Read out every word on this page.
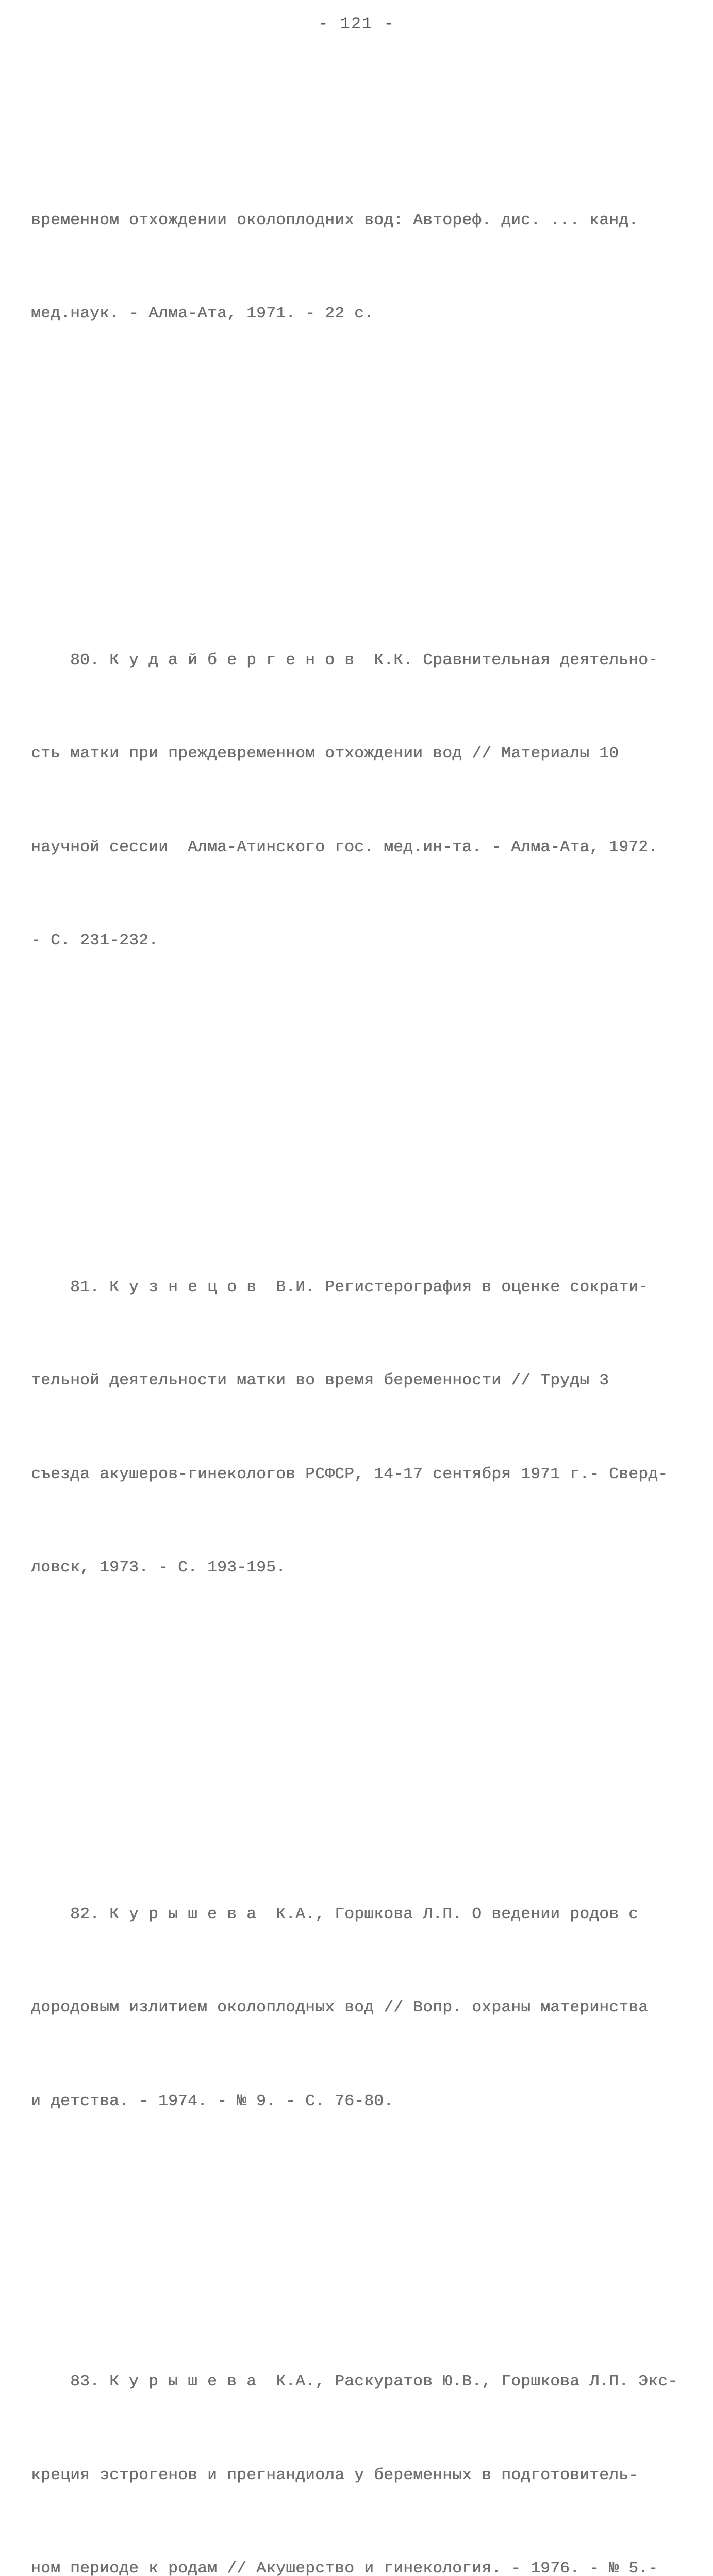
- 121 -

временном отхождении околоплодних вод: Автореф. дис. ... канд.

мед.наук. - Алма-Ата, 1971. - 22 с.

80. К у д а й б е р г е н о в  К.К. Сравнительная деятельно-

сть матки при преждевременном отхождении вод // Материалы 10

научной сессии  Алма-Атинского гос. мед.ин-та. - Алма-Ата, 1972.

- С. 231-232.

81. К у з н е ц о в  В.И. Регистерография в оценке сократи-

тельной деятельности матки во время беременности // Труды 3

съезда акушеров-гинекологов РСФСР, 14-17 сентября 1971 г.- Сверд-

ловск, 1973. - С. 193-195.

82. К у р ы ш е в а  К.А., Горшкова Л.П. О ведении родов с

дородовым излитием околоплодных вод // Вопр. охраны материнства

и детства. - 1974. - № 9. - С. 76-80.

83. К у р ы ш е в а  К.А., Раскуратов Ю.В., Горшкова Л.П. Экс-

креция эстрогенов и прегнандиола у беременных в подготовитель-

ном периоде к родам // Акушерство и гинекология. - 1976. - № 5.-
